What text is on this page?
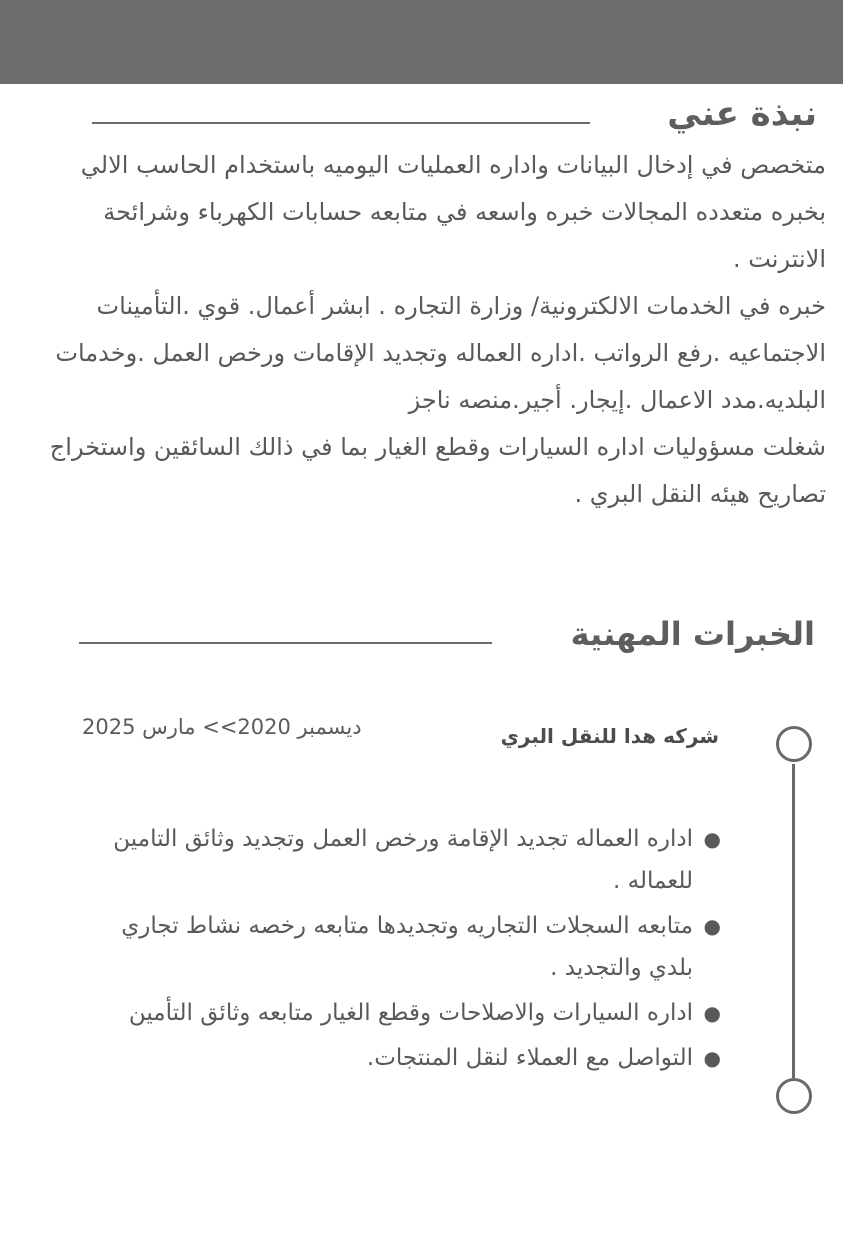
نبذة عني

متخصص في إدخال البيانات واداره العمليات اليوميه باستخدام الحاسب الالي بخبره متعدده المجالات خبره واسعه في متابعه حسابات الكهرباء وشرائحة الانترنت .

خبره في الخدمات الالكترونية/ وزارة التجاره . ابشر أعمال. قوي .التأمينات الاجتماعيه .رفع الرواتب .اداره العماله وتجديد الإقامات ورخص العمل .وخدمات البلديه.مدد الاعمال .إيجار. أجير.منصه ناجز

شغلت مسؤوليات اداره السيارات وقطع الغيار بما في ذالك السائقين واستخراج تصاريح هيئه النقل البري .

الخبرات المهنية
شركه هدا للنقل البري
ديسمبر 2020>> مارس 2025
●
اداره العماله تجديد الإقامة ورخص العمل وتجديد وثائق التامين للعماله .
●
متابعه السجلات التجاريه وتجديدها متابعه رخصه نشاط تجاري بلدي والتجديد .
●
اداره السيارات والاصلاحات وقطع الغيار متابعه وثائق التأمين
●
التواصل مع العملاء لنقل المنتجات.
